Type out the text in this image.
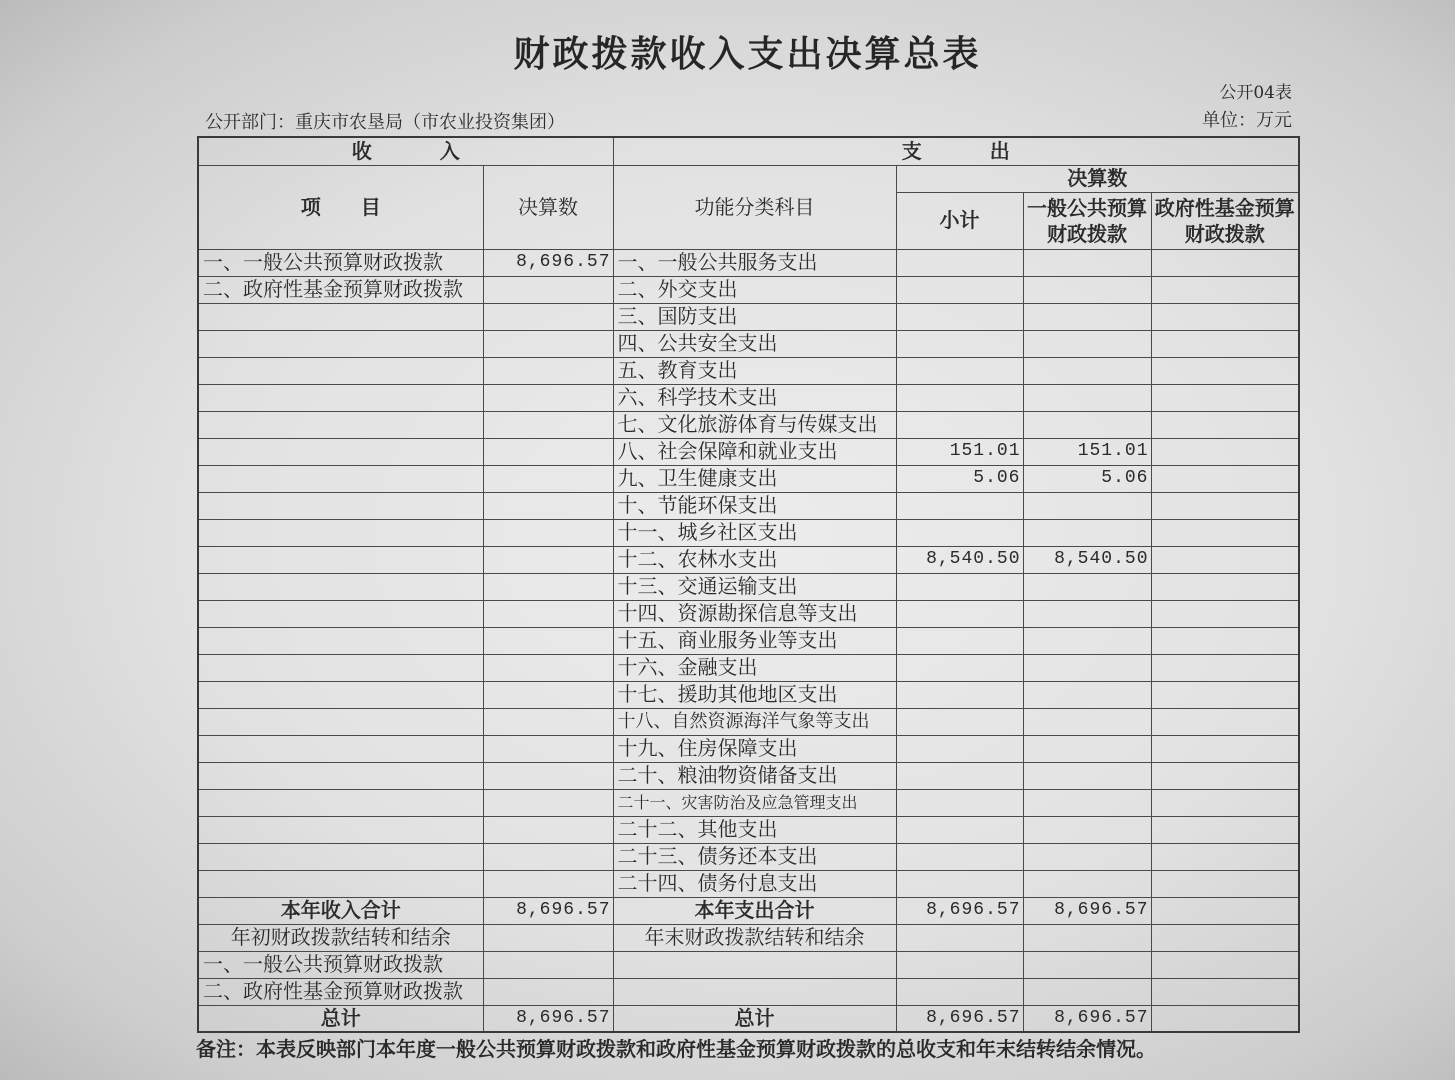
财政拨款收入支出决算总表
公开04表
公开部门：重庆市农垦局（市农业投资集团）	单位：万元
收入		支出			
项目	决算数	功能分类科目	决算数		
			小计	一般公共预算财政拨款	政府性基金预算财政拨款
一、一般公共预算财政拨款	8,696.57	一、一般公共服务支出			
二、政府性基金预算财政拨款		二、外交支出			
		三、国防支出			
		四、公共安全支出			
		五、教育支出			
		六、科学技术支出			
		七、文化旅游体育与传媒支出			
		八、社会保障和就业支出	151.01	151.01	
		九、卫生健康支出	5.06	5.06	
		十、节能环保支出			
		十一、城乡社区支出			
		十二、农林水支出	8,540.50	8,540.50	
		十三、交通运输支出			
		十四、资源勘探信息等支出			
		十五、商业服务业等支出			
		十六、金融支出			
		十七、援助其他地区支出			
		十八、自然资源海洋气象等支出			
		十九、住房保障支出			
		二十、粮油物资储备支出			
		二十一、灾害防治及应急管理支出			
		二十二、其他支出			
		二十三、债务还本支出			
		二十四、债务付息支出			
本年收入合计	8,696.57	本年支出合计	8,696.57	8,696.57	
年初财政拨款结转和结余		年末财政拨款结转和结余			
一、一般公共预算财政拨款					
二、政府性基金预算财政拨款					
总计	8,696.57	总计	8,696.57	8,696.57	
备注：本表反映部门本年度一般公共预算财政拨款和政府性基金预算财政拨款的总收支和年末结转结余情况。
